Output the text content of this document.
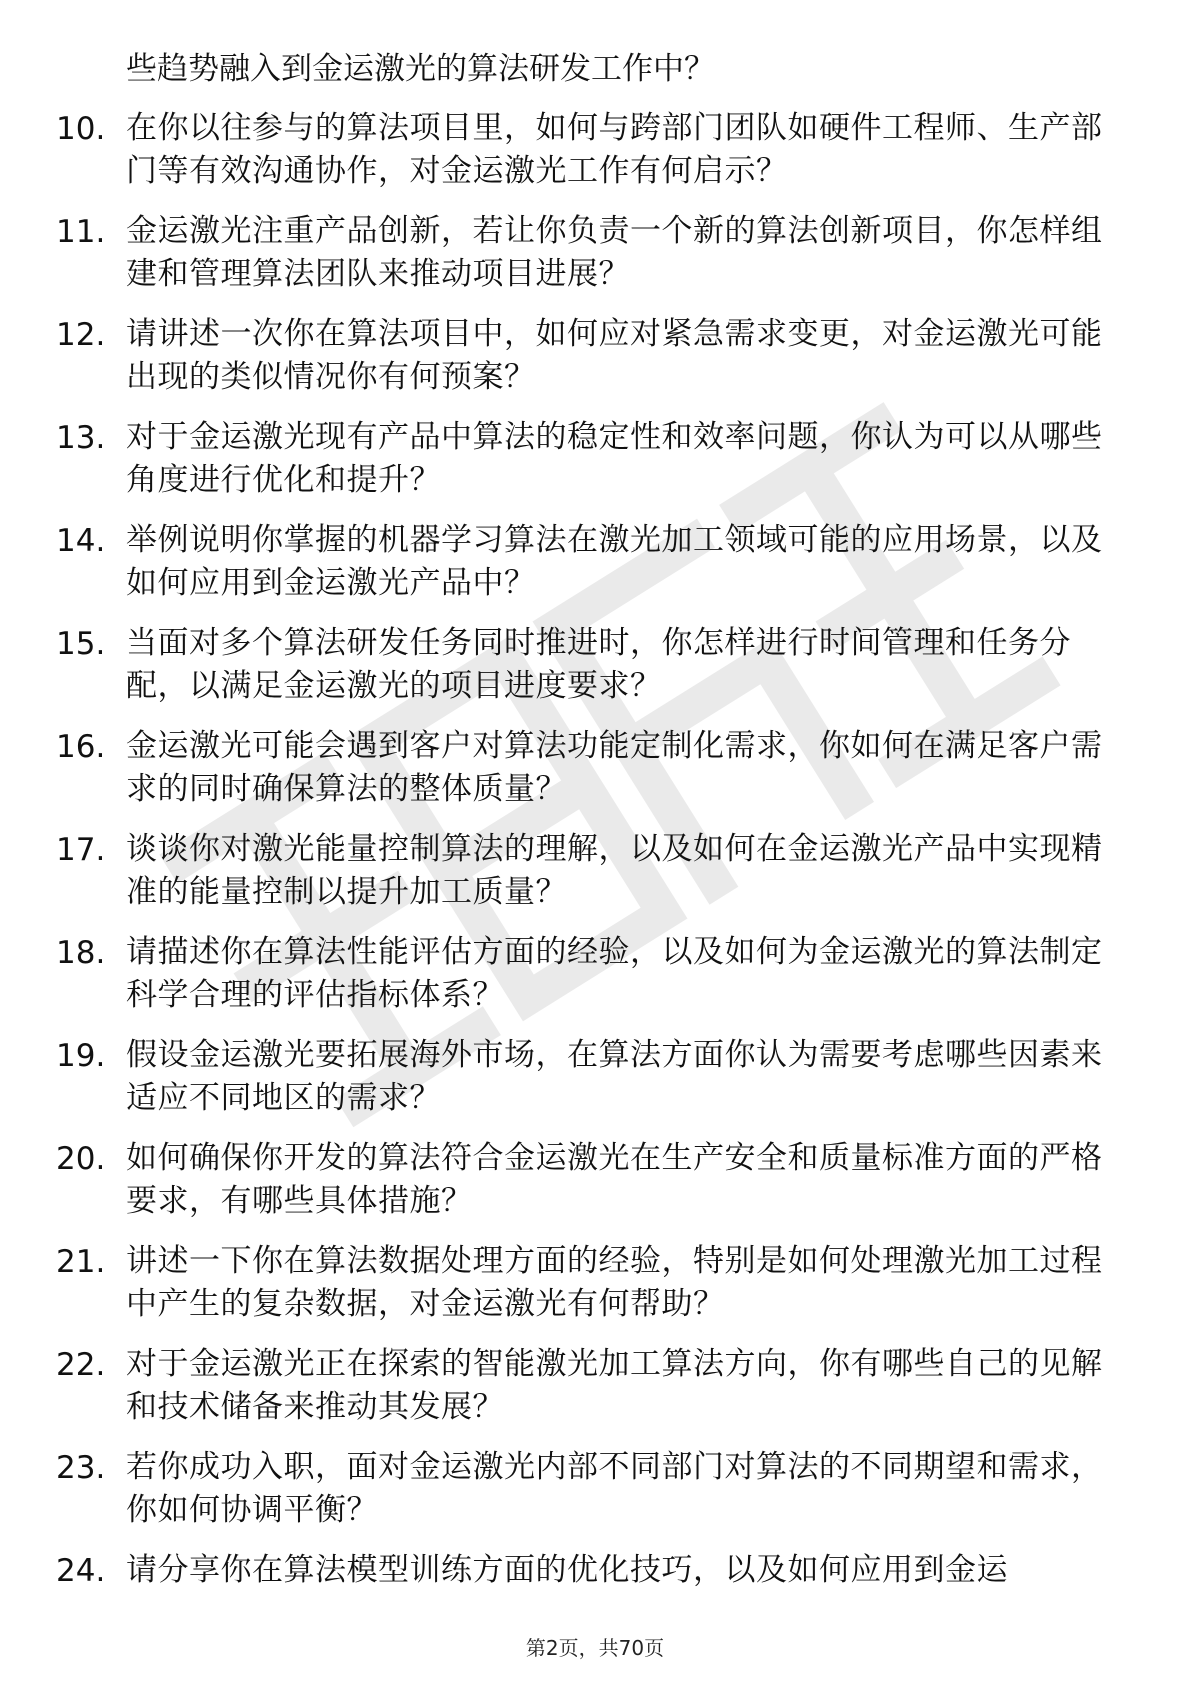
些趋势融入到金运激光的算法研发工作中？
10. 在你以往参与的算法项目里，如何与跨部门团队如硬件工程师、生产部门等有效沟通协作，对金运激光工作有何启示？
11. 金运激光注重产品创新，若让你负责一个新的算法创新项目，你怎样组建和管理算法团队来推动项目进展？
12. 请讲述一次你在算法项目中，如何应对紧急需求变更，对金运激光可能出现的类似情况你有何预案？
13. 对于金运激光现有产品中算法的稳定性和效率问题，你认为可以从哪些角度进行优化和提升？
14. 举例说明你掌握的机器学习算法在激光加工领域可能的应用场景，以及如何应用到金运激光产品中？
15. 当面对多个算法研发任务同时推进时，你怎样进行时间管理和任务分配，以满足金运激光的项目进度要求？
16. 金运激光可能会遇到客户对算法功能定制化需求，你如何在满足客户需求的同时确保算法的整体质量？
17. 谈谈你对激光能量控制算法的理解，以及如何在金运激光产品中实现精准的能量控制以提升加工质量？
18. 请描述你在算法性能评估方面的经验，以及如何为金运激光的算法制定科学合理的评估指标体系？
19. 假设金运激光要拓展海外市场，在算法方面你认为需要考虑哪些因素来适应不同地区的需求？
20. 如何确保你开发的算法符合金运激光在生产安全和质量标准方面的严格要求，有哪些具体措施？
21. 讲述一下你在算法数据处理方面的经验，特别是如何处理激光加工过程中产生的复杂数据，对金运激光有何帮助？
22. 对于金运激光正在探索的智能激光加工算法方向，你有哪些自己的见解和技术储备来推动其发展？
23. 若你成功入职，面对金运激光内部不同部门对算法的不同期望和需求，你如何协调平衡？
24. 请分享你在算法模型训练方面的优化技巧，以及如何应用到金运
第2页，共70页
